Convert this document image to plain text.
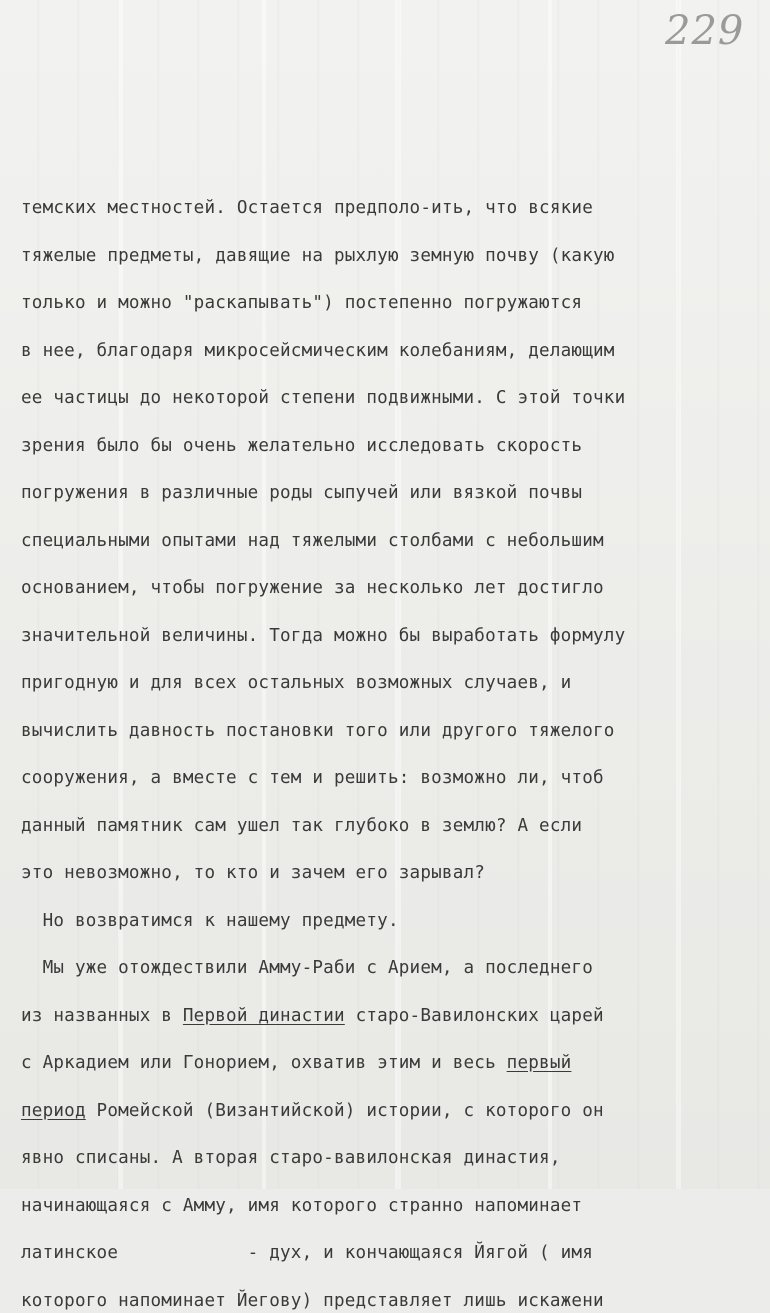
229
темских местностей. Остается предполо-ить, что всякие
тяжелые предметы, давящие на рыхлую земную почву (какую
только и можно "раскапывать") постепенно погружаются
в нее, благодаря микросейсмическим колебаниям, делающим
ее частицы до некоторой степени подвижными. С этой точки
зрения было бы очень желательно исследовать скорость
погружения в различные роды сыпучей или вязкой почвы
специальными опытами над тяжелыми столбами с небольшим
основанием, чтобы погружение за несколько лет достигло
значительной величины. Тогда можно бы выработать формулу
пригодную и для всех остальных возможных случаев, и
вычислить давность постановки того или другого тяжелого
сооружения, а вместе с тем и решить: возможно ли, чтоб
данный памятник сам ушел так глубоко в землю? А если
это невозможно, то кто и зачем его зарывал?
Но возвратимся к нашему предмету.
Мы уже отождествили Амму-Раби с Арием, а последнего
из названных в Первой династии старо-Вавилонских царей
с Аркадием или Гонорием, охватив этим и весь первый
период Ромейской (Византийской) истории, с которого он
явно списаны. А вторая старо-вавилонская династия,
начинающаяся с Амму, имя которого странно напоминает
латинское            - дух, и кончающаяся Йягой ( имя
которого напоминает Йегову) представляет лишь искажени
